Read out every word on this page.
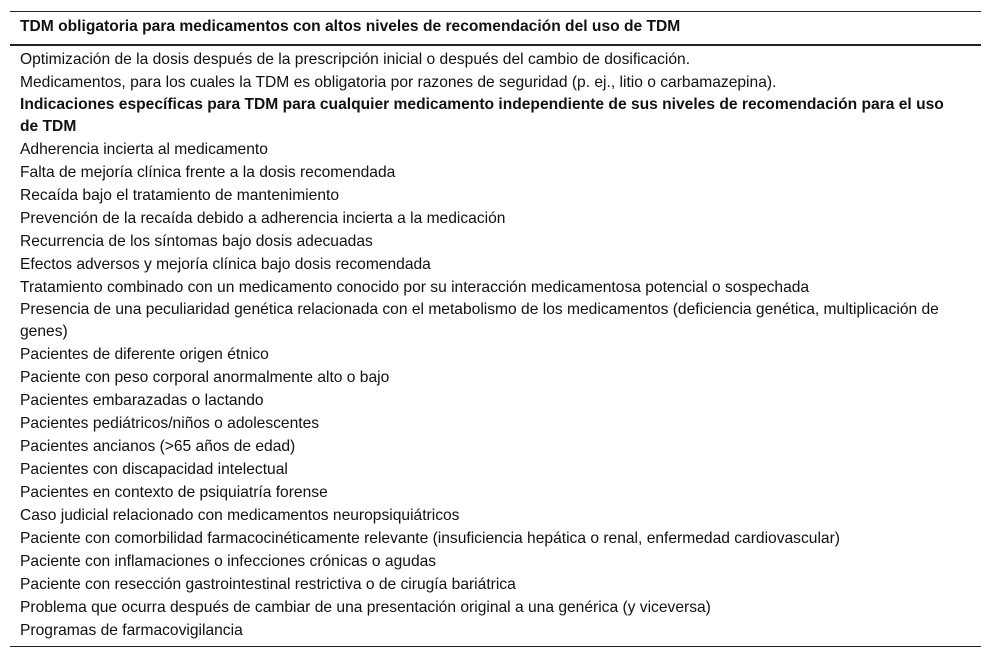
TDM obligatoria para medicamentos con altos niveles de recomendación del uso de TDM
Optimización de la dosis después de la prescripción inicial o después del cambio de dosificación.
Medicamentos, para los cuales la TDM es obligatoria por razones de seguridad (p. ej., litio o carbamazepina).
Indicaciones específicas para TDM para cualquier medicamento independiente de sus niveles de recomendación para el uso de TDM
Adherencia incierta al medicamento
Falta de mejoría clínica frente a la dosis recomendada
Recaída bajo el tratamiento de mantenimiento
Prevención de la recaída debido a adherencia incierta a la medicación
Recurrencia de los síntomas bajo dosis adecuadas
Efectos adversos y mejoría clínica bajo dosis recomendada
Tratamiento combinado con un medicamento conocido por su interacción medicamentosa potencial o sospechada
Presencia de una peculiaridad genética relacionada con el metabolismo de los medicamentos (deficiencia genética, multiplicación de genes)
Pacientes de diferente origen étnico
Paciente con peso corporal anormalmente alto o bajo
Pacientes embarazadas o lactando
Pacientes pediátricos/niños o adolescentes
Pacientes ancianos (>65 años de edad)
Pacientes con discapacidad intelectual
Pacientes en contexto de psiquiatría forense
Caso judicial relacionado con medicamentos neuropsiquiátricos
Paciente con comorbilidad farmacocinéticamente relevante (insuficiencia hepática o renal, enfermedad cardiovascular)
Paciente con inflamaciones o infecciones crónicas o agudas
Paciente con resección gastrointestinal restrictiva o de cirugía bariátrica
Problema que ocurra después de cambiar de una presentación original a una genérica (y viceversa)
Programas de farmacovigilancia
